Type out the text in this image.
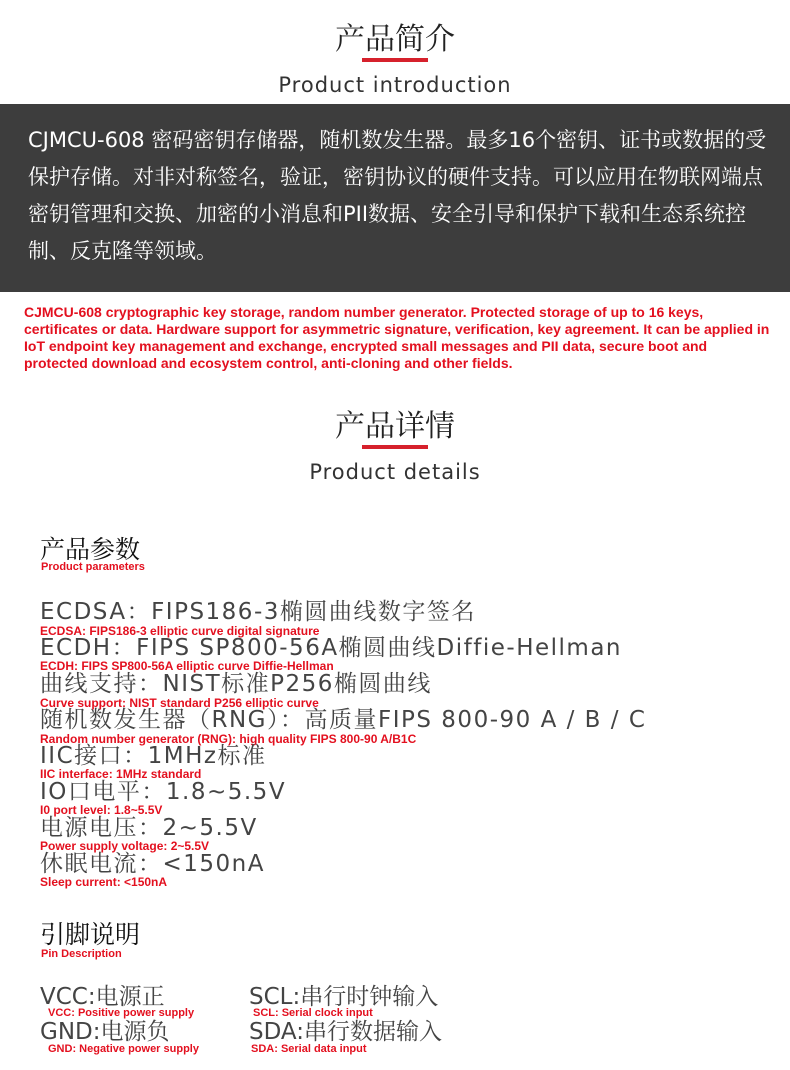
产品简介
Product introduction
CJMCU-608 密码密钥存储器，随机数发生器。最多16个密钥、证书或数据的受保护存储。对非对称签名，验证，密钥协议的硬件支持。可以应用在物联网端点密钥管理和交换、加密的小消息和PII数据、安全引导和保护下载和生态系统控制、反克隆等领域。
CJMCU-608 cryptographic key storage, random number generator. Protected storage of up to 16 keys, certificates or data. Hardware support for asymmetric signature, verification, key agreement. It can be applied in IoT endpoint key management and exchange, encrypted small messages and PII data, secure boot and protected download and ecosystem control, anti-cloning and other fields.
产品详情
Product details
产品参数
Product parameters
ECDSA：FIPS186-3椭圆曲线数字签名
ECDSA: FIPS186-3 elliptic curve digital signature
ECDH：FIPS SP800-56A椭圆曲线Diffie-Hellman
ECDH: FIPS SP800-56A elliptic curve Diffie-Hellman
曲线支持：NIST标准P256椭圆曲线
Curve support: NIST standard P256 elliptic curve
随机数发生器（RNG）：高质量FIPS 800-90 A / B / C
Random number generator (RNG): high quality FIPS 800-90 A/B1C
IIC接口：1MHz标准
IIC interface: 1MHz standard
IO口电平：1.8~5.5V
I0 port level: 1.8~5.5V
电源电压：2~5.5V
Power supply voltage: 2~5.5V
休眠电流：<150nA
Sleep current: <150nA
引脚说明
Pin Description
VCC:电源正
VCC: Positive power supply
SCL:串行时钟输入
SCL: Serial clock input
GND:电源负
GND: Negative power supply
SDA:串行数据输入
SDA: Serial data input
